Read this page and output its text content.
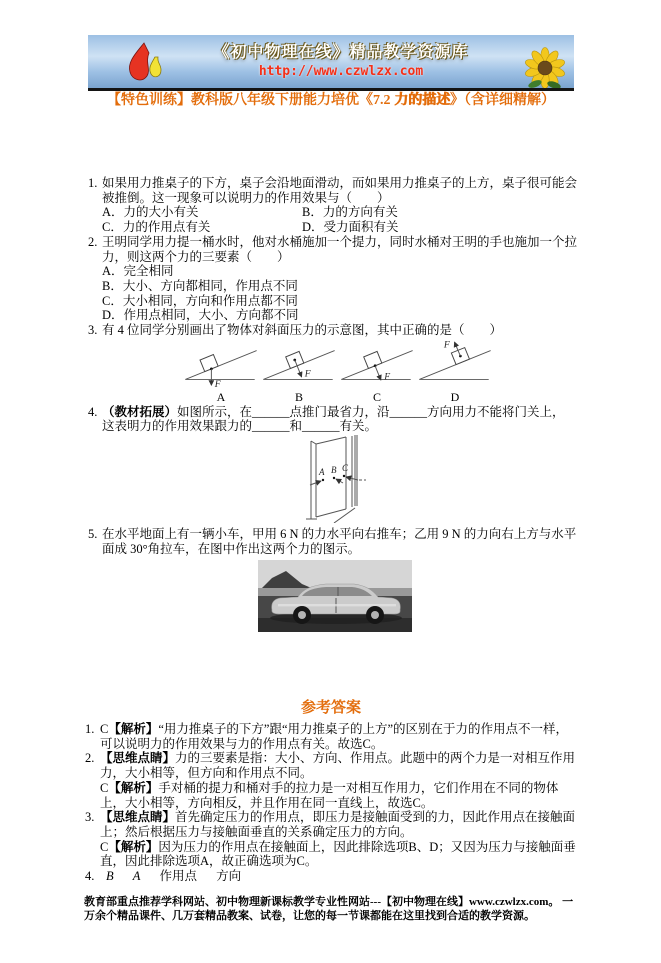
《初中物理在线》精品教学资源库
http://www.czwlzx.com
【特色训练】教科版八年级下册能力培优《7.2 力的描述》（含详细精解）
1. 如果用力推桌子的下方，桌子会沿地面滑动，而如果用力推桌子的上方，桌子很可能会被推倒。这一现象可以说明力的作用效果与（　　）
A．力的大小有关	B．力的方向有关
C．力的作用点有关	D．受力面积有关
2. 王明同学用力提一桶水时，他对水桶施加一个提力，同时水桶对王明的手也施加一个拉力，则这两个力的三要素（　　）
A．完全相同
B．大小、方向都相同，作用点不同
C．大小相同，方向和作用点都不同
D．作用点相同，大小、方向都不同
3. 有 4 位同学分别画出了物体对斜面压力的示意图，其中正确的是（　　）
F
A
F
B
F
C
F
D
4. （教材拓展）如图所示，在______点推门最省力，沿______方向用力不能将门关上，这表明力的作用效果跟力的______和______有关。
A B C
5. 在水平地面上有一辆小车，甲用 6 N 的力水平向右推车；乙用 9 N 的力向右上方与水平面成 30°角拉车，在图中作出这两个力的图示。
参考答案
1. C【解析】“用力推桌子的下方”跟“用力推桌子的上方”的区别在于力的作用点不一样，可以说明力的作用效果与力的作用点有关。故选C。
2. 【思维点睛】力的三要素是指：大小、方向、作用点。此题中的两个力是一对相互作用力，大小相等，但方向和作用点不同。
C【解析】手对桶的提力和桶对手的拉力是一对相互作用力，它们作用在不同的物体上，大小相等，方向相反，并且作用在同一直线上，故选C。
3. 【思维点睛】首先确定压力的作用点，即压力是接触面受到的力，因此作用点在接触面上；然后根据压力与接触面垂直的关系确定压力的方向。
C【解析】因为压力的作用点在接触面上，因此排除选项B、D；又因为压力与接触面垂直，因此排除选项A，故正确选项为C。
4. B A 作用点 方向
教育部重点推荐学科网站、初中物理新课标教学专业性网站---【初中物理在线】www.czwlzx.com。 一万余个精品课件、几万套精品教案、试卷，让您的每一节课都能在这里找到合适的教学资源。
